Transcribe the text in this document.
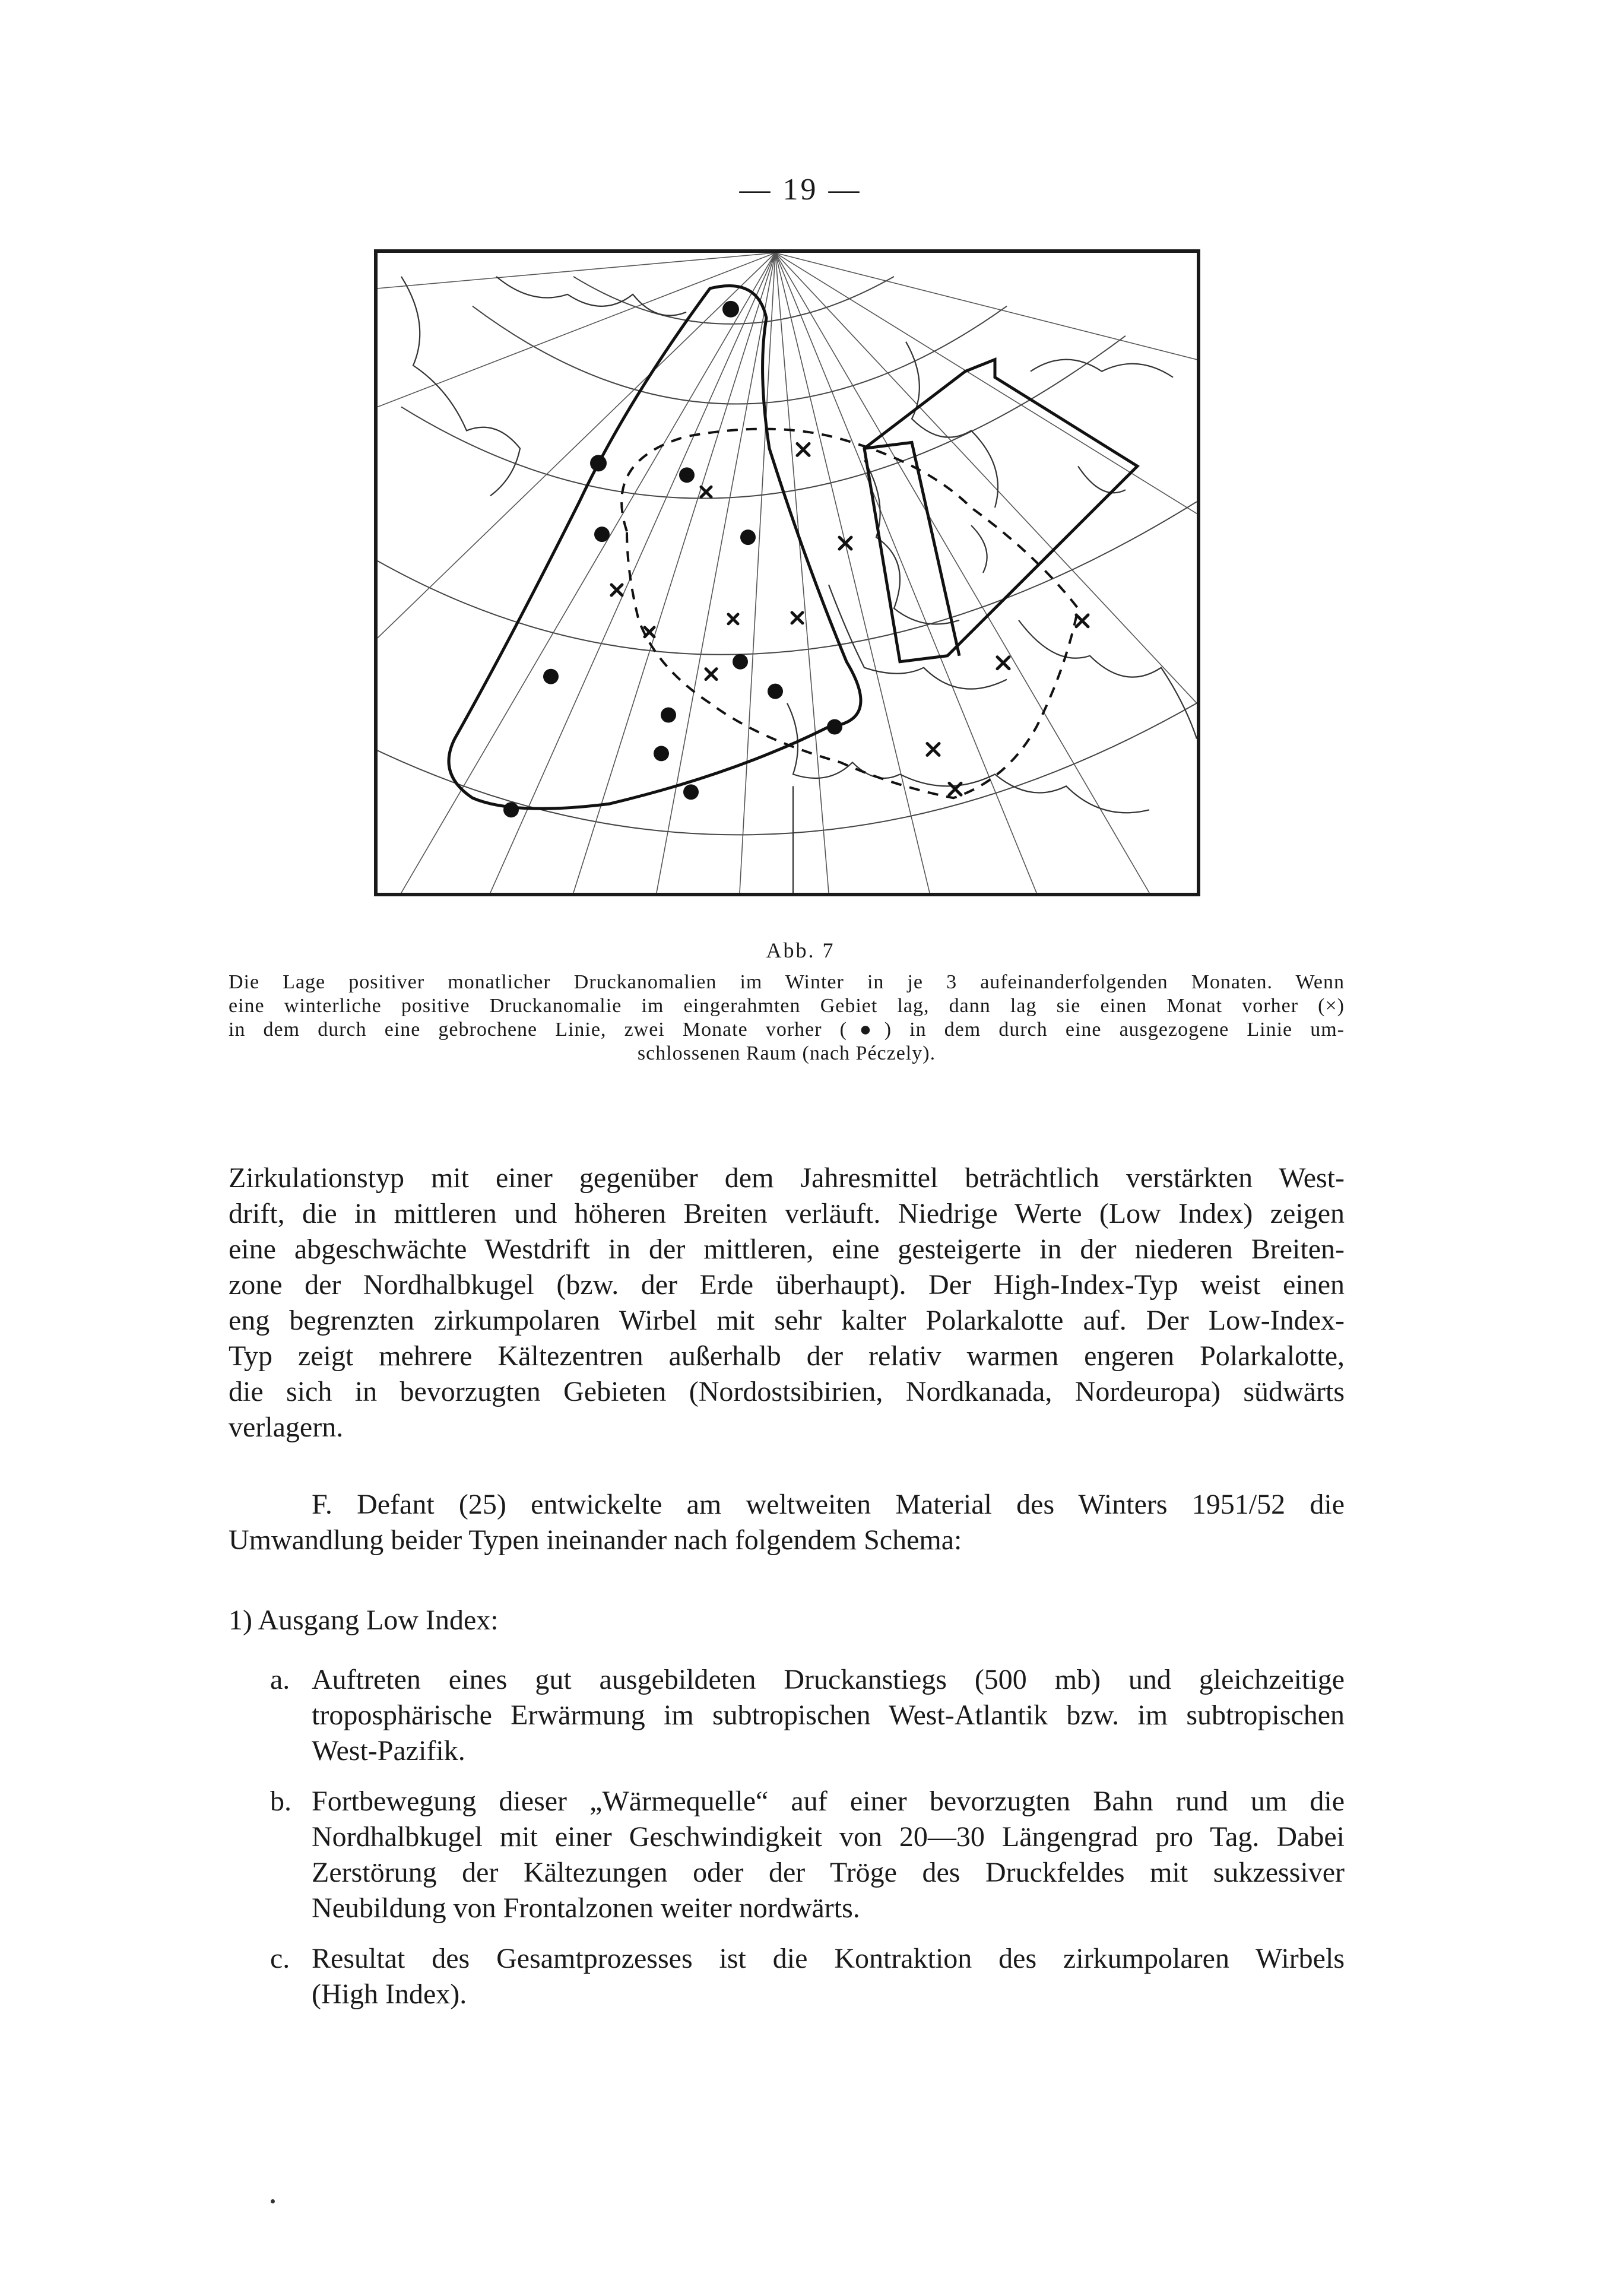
— 19 —
Abb. 7
Die Lage positiver monatlicher Druckanomalien im Winter in je 3 aufeinanderfolgenden Monaten. Wenn
eine winterliche positive Druckanomalie im eingerahmten Gebiet lag, dann lag sie einen Monat vorher (×)
in dem durch eine gebrochene Linie, zwei Monate vorher (●) in dem durch eine ausgezogene Linie um-
schlossenen Raum (nach Péczely).
Zirkulationstyp mit einer gegenüber dem Jahresmittel beträchtlich verstärkten West-
drift, die in mittleren und höheren Breiten verläuft. Niedrige Werte (Low Index) zeigen
eine abgeschwächte Westdrift in der mittleren, eine gesteigerte in der niederen Breiten-
zone der Nordhalbkugel (bzw. der Erde überhaupt). Der High-Index-Typ weist einen
eng begrenzten zirkumpolaren Wirbel mit sehr kalter Polarkalotte auf. Der Low-Index-
Typ zeigt mehrere Kältezentren außerhalb der relativ warmen engeren Polarkalotte,
die sich in bevorzugten Gebieten (Nordostsibirien, Nordkanada, Nordeuropa) südwärts
verlagern.
F. Defant (25) entwickelte am weltweiten Material des Winters 1951/52 die
Umwandlung beider Typen ineinander nach folgendem Schema:
1) Ausgang Low Index:
a. Auftreten eines gut ausgebildeten Druckanstiegs (500 mb) und gleichzeitige
troposphärische Erwärmung im subtropischen West-Atlantik bzw. im subtropischen
West-Pazifik.
b. Fortbewegung dieser „Wärmequelle“ auf einer bevorzugten Bahn rund um die
Nordhalbkugel mit einer Geschwindigkeit von 20—30 Längengrad pro Tag. Dabei
Zerstörung der Kältezungen oder der Tröge des Druckfeldes mit sukzessiver
Neubildung von Frontalzonen weiter nordwärts.
c. Resultat des Gesamtprozesses ist die Kontraktion des zirkumpolaren Wirbels
(High Index).
